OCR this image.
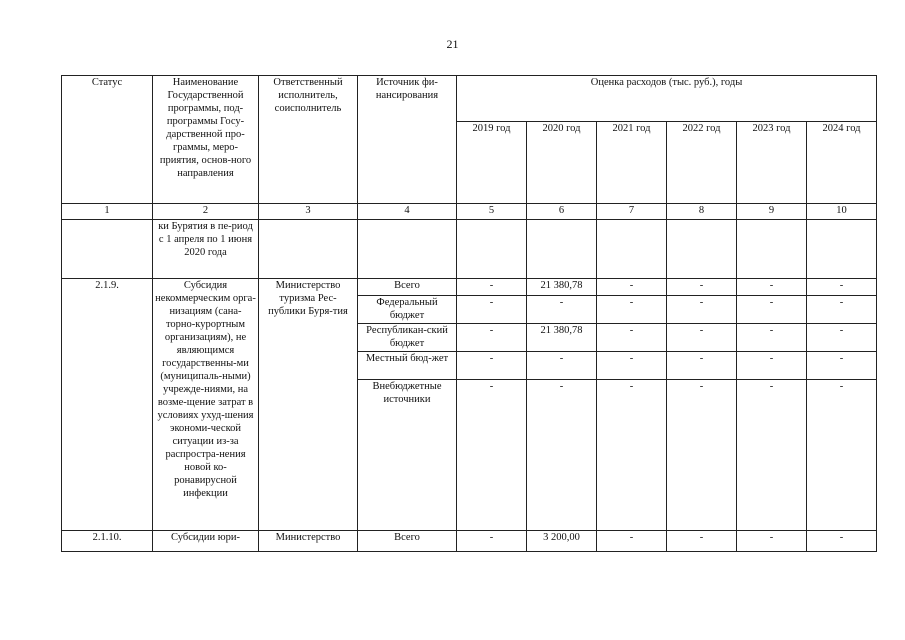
21
Статус	Наименование Государственной программы, под-программы Госу-дарственной про-граммы, меро-приятия, основ-ного направления	Ответственный исполнитель, соисполнитель	Источник фи-нансирования	Оценка расходов (тыс. руб.), годы					
				2019 год	2020 год	2021 год	2022 год	2023 год	2024 год
1	2	3	4	5	6	7	8	9	10
	ки Бурятия в пе-риод с 1 апреля по 1 июня 2020 года								
2.1.9.	Субсидия некоммерческим орга-низациям (сана-торно-курортным организациям), не являющимся государственны-ми (муниципаль-ными) учрежде-ниями, на возме-щение затрат в условиях ухуд-шения экономи-ческой ситуации из-за распростра-нения новой ко-ронавирусной инфекции	Министерство туризма Рес-публики Буря-тия	Всего	-	21 380,78	-	-	-	-
			Федеральный бюджет	-	-	-	-	-	-
			Республикан-ский бюджет	-	21 380,78	-	-	-	-
			Местный бюд-жет	-	-	-	-	-	-
			Внебюджетные источники	-	-	-	-	-	-
2.1.10.	Субсидии юри-	Министерство	Всего	-	3 200,00	-	-	-	-
